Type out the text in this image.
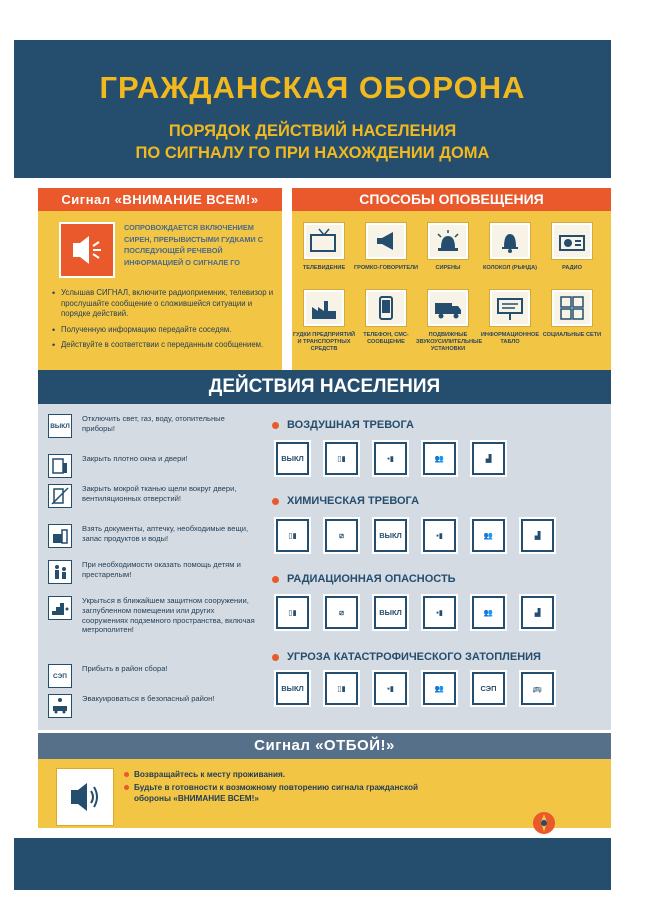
ГРАЖДАНСКАЯ ОБОРОНА
ПОРЯДОК ДЕЙСТВИЙ НАСЕЛЕНИЯ
ПО СИГНАЛУ ГО ПРИ НАХОЖДЕНИИ ДОМА
Сигнал «ВНИМАНИЕ ВСЕМ!»
СОПРОВОЖДАЕТСЯ ВКЛЮЧЕНИЕМ СИРЕН, ПРЕРЫВИСТЫМИ ГУДКАМИ С ПОСЛЕДУЮЩЕЙ РЕЧЕВОЙ ИНФОРМАЦИЕЙ О СИГНАЛЕ ГО
• Услышав СИГНАЛ, включите радиоприемник, телевизор и прослушайте сообщение о сложившейся ситуации и порядке действий.
• Полученную информацию передайте соседям.
• Действуйте в соответствии с переданным сообщением.
СПОСОБЫ ОПОВЕЩЕНИЯ
ТЕЛЕВИДЕНИЕ	ГРОМКО-ГОВОРИТЕЛИ	СИРЕНЫ	КОЛОКОЛ (РЫНДА)	РАДИО
ГУДКИ ПРЕДПРИЯТИЙ И ТРАНСПОРТНЫХ СРЕДСТВ
ТЕЛЕФОН, СМС-СООБЩЕНИЕ
ПОДВИЖНЫЕ ЗВУКОУСИЛИТЕЛЬНЫЕ УСТАНОВКИ
ИНФОРМАЦИОННОЕ ТАБЛО
СОЦИАЛЬНЫЕ СЕТИ
ДЕЙСТВИЯ НАСЕЛЕНИЯ
ВЫКЛ
Отключить свет, газ, воду, отопительные приборы!
Закрыть плотно окна и двери!
Закрыть мокрой тканью щели вокруг двери, вентиляционных отверстий!
Взять документы, аптечку, необходимые вещи, запас продуктов и воды!
При необходимости оказать помощь детям и престарелым!
Укрыться в ближайшем защитном сооружении, заглубленном помещении или других сооружениях подземного пространства, включая метрополитен!
СЭП
Прибыть в район сбора!
Эвакуироваться в безопасный район!
ВОЗДУШНАЯ ТРЕВОГА
ВЫКЛ	▯▮	▪▮	👥	▟
ХИМИЧЕСКАЯ ТРЕВОГА
▯▮	⧄	ВЫКЛ	▪▮	👥	▟
РАДИАЦИОННАЯ ОПАСНОСТЬ
▯▮	⧄	ВЫКЛ	▪▮	👥	▟
УГРОЗА КАТАСТРОФИЧЕСКОГО ЗАТОПЛЕНИЯ
ВЫКЛ	▯▮	▪▮	👥	СЭП	🚌
Сигнал «ОТБОЙ!»
Возвращайтесь к месту проживания.
Будьте в готовности к возможному повторению сигнала гражданской обороны «ВНИМАНИЕ ВСЕМ!»
